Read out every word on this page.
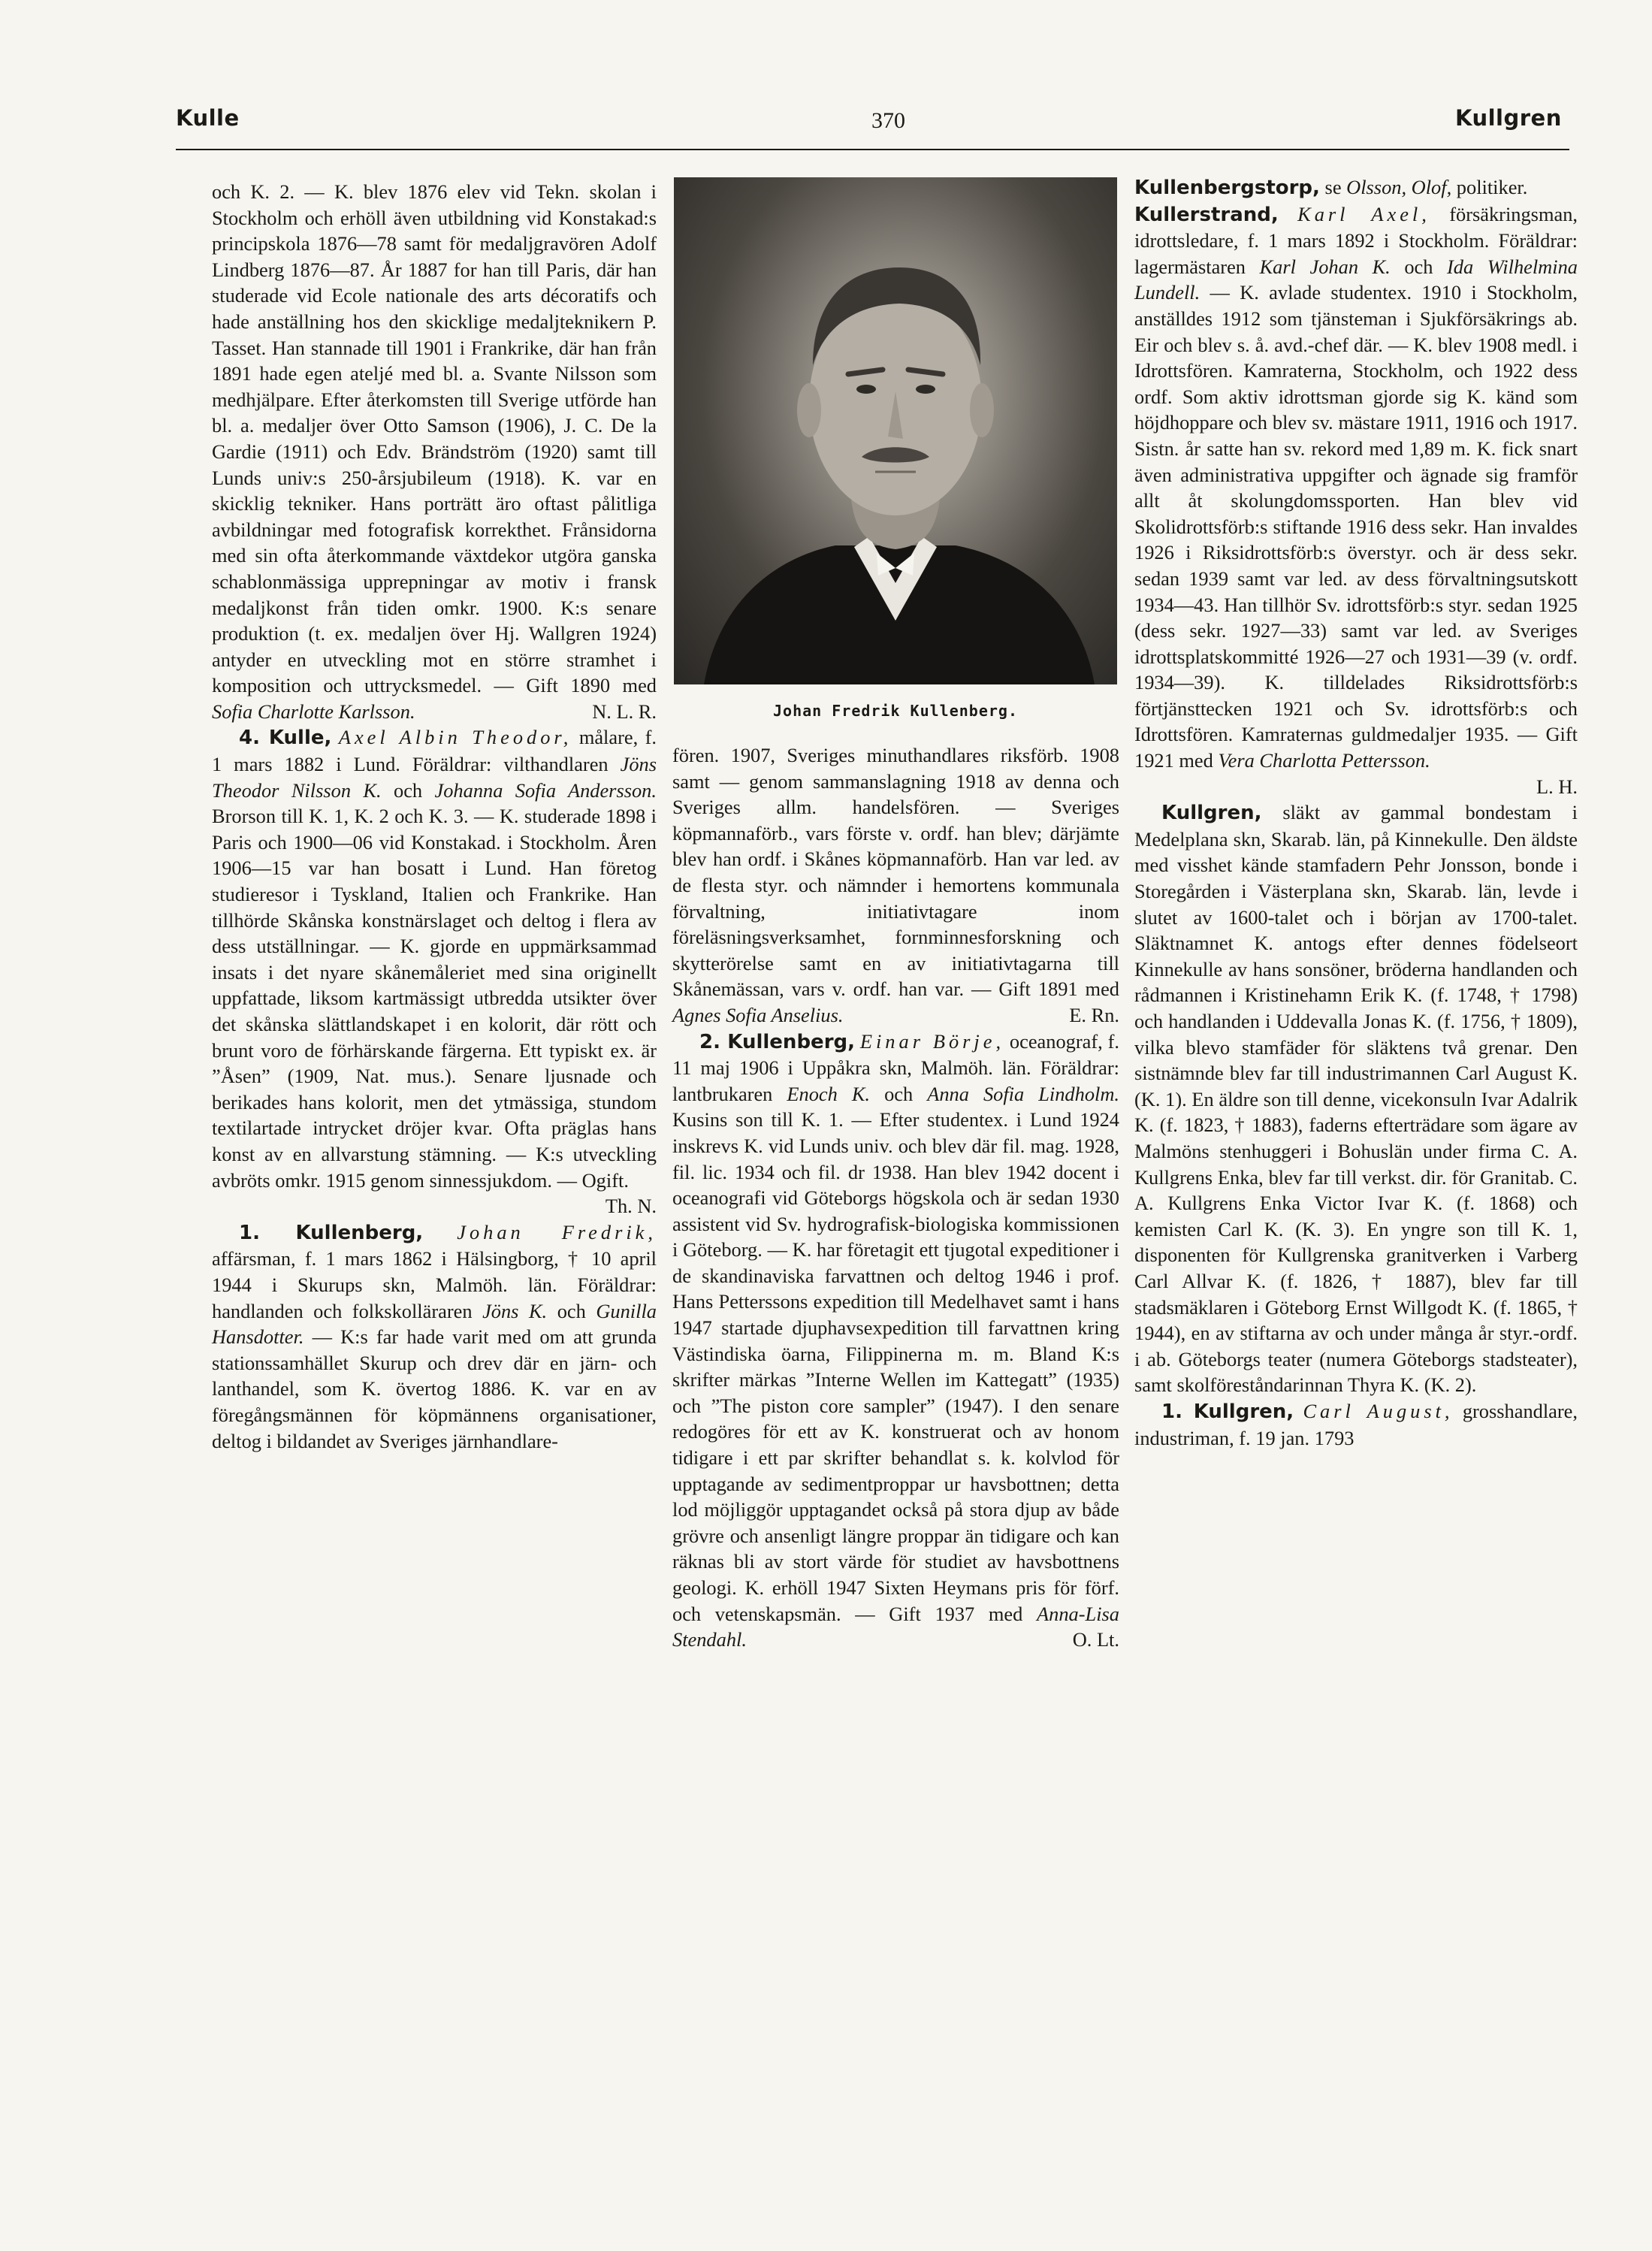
Kulle	370	Kullgren

och K. 2. — K. blev 1876 elev vid Tekn. skolan i Stockholm och erhöll även utbildning vid Konstakad:s principskola 1876—78 samt för medaljgravören Adolf Lindberg 1876—87. År 1887 for han till Paris, där han studerade vid Ecole nationale des arts décoratifs och hade anställning hos den skicklige medaljteknikern P. Tasset. Han stannade till 1901 i Frankrike, där han från 1891 hade egen ateljé med bl. a. Svante Nilsson som medhjälpare. Efter återkomsten till Sverige utförde han bl. a. medaljer över Otto Samson (1906), J. C. De la Gardie (1911) och Edv. Brändström (1920) samt till Lunds univ:s 250-årsjubileum (1918). K. var en skicklig tekniker. Hans porträtt äro oftast pålitliga avbildningar med fotografisk korrekthet. Frånsidorna med sin ofta återkommande växtdekor utgöra ganska schablonmässiga upprepningar av motiv i fransk medaljkonst från tiden omkr. 1900. K:s senare produktion (t. ex. medaljen över Hj. Wallgren 1924) antyder en utveckling mot en större stramhet i komposition och uttrycksmedel. — Gift 1890 med Sofia Charlotte Karlsson.	N. L. R.

4. Kulle, Axel Albin Theodor, målare, f. 1 mars 1882 i Lund. Föräldrar: vilthandlaren Jöns Theodor Nilsson K. och Johanna Sofia Andersson. Brorson till K. 1, K. 2 och K. 3. — K. studerade 1898 i Paris och 1900—06 vid Konstakad. i Stockholm. Åren 1906—15 var han bosatt i Lund. Han företog studieresor i Tyskland, Italien och Frankrike. Han tillhörde Skånska konstnärslaget och deltog i flera av dess utställningar. — K. gjorde en uppmärksammad insats i det nyare skånemåleriet med sina originellt uppfattade, liksom kartmässigt utbredda utsikter över det skånska slättlandskapet i en kolorit, där rött och brunt voro de förhärskande färgerna. Ett typiskt ex. är ”Åsen” (1909, Nat. mus.). Senare ljusnade och berikades hans kolorit, men det ytmässiga, stundom textilartade intrycket dröjer kvar. Ofta präglas hans konst av en allvarstung stämning. — K:s utveckling avbröts omkr. 1915 genom sinnessjukdom. — Ogift.

Th. N.

1. Kullenberg, Johan Fredrik, affärsman, f. 1 mars 1862 i Hälsingborg, † 10 april 1944 i Skurups skn, Malmöh. län. Föräldrar: handlanden och folkskolläraren Jöns K. och Gunilla Hansdotter. — K:s far hade varit med om att grunda stationssamhället Skurup och drev där en järn- och lanthandel, som K. övertog 1886. K. var en av föregångsmännen för köpmännens organisationer, deltog i bildandet av Sveriges järnhandlare-

Johan Fredrik Kullenberg.

fören. 1907, Sveriges minuthandlares riksförb. 1908 samt — genom sammanslagning 1918 av denna och Sveriges allm. handelsfören. — Sveriges köpmannaförb., vars förste v. ordf. han blev; därjämte blev han ordf. i Skånes köpmannaförb. Han var led. av de flesta styr. och nämnder i hemortens kommunala förvaltning, initiativtagare inom föreläsningsverksamhet, fornminnesforskning och skytterörelse samt en av initiativtagarna till Skånemässan, vars v. ordf. han var. — Gift 1891 med Agnes Sofia Anselius.	E. Rn.

2. Kullenberg, Einar Börje, oceanograf, f. 11 maj 1906 i Uppåkra skn, Malmöh. län. Föräldrar: lantbrukaren Enoch K. och Anna Sofia Lindholm. Kusins son till K. 1. — Efter studentex. i Lund 1924 inskrevs K. vid Lunds univ. och blev där fil. mag. 1928, fil. lic. 1934 och fil. dr 1938. Han blev 1942 docent i oceanografi vid Göteborgs högskola och är sedan 1930 assistent vid Sv. hydrografisk-biologiska kommissionen i Göteborg. — K. har företagit ett tjugotal expeditioner i de skandinaviska farvattnen och deltog 1946 i prof. Hans Petterssons expedition till Medelhavet samt i hans 1947 startade djuphavsexpedition till farvattnen kring Västindiska öarna, Filippinerna m. m. Bland K:s skrifter märkas ”Interne Wellen im Kattegatt” (1935) och ”The piston core sampler” (1947). I den senare redogöres för ett av K. konstruerat och av honom tidigare i ett par skrifter behandlat s. k. kolvlod för upptagande av sedimentproppar ur havsbottnen; detta lod möjliggör upptagandet också på stora djup av både grövre och ansenligt längre proppar än tidigare och kan räknas bli av stort värde för studiet av havsbottnens geologi. K. erhöll 1947 Sixten Heymans pris för förf. och vetenskapsmän. — Gift 1937 med Anna-Lisa Stendahl.	O. Lt.

Kullenbergstorp, se Olsson, Olof, politiker.

Kullerstrand, Karl Axel, försäkringsman, idrottsledare, f. 1 mars 1892 i Stockholm. Föräldrar: lagermästaren Karl Johan K. och Ida Wilhelmina Lundell. — K. avlade studentex. 1910 i Stockholm, anställdes 1912 som tjänsteman i Sjukförsäkrings ab. Eir och blev s. å. avd.-chef där. — K. blev 1908 medl. i Idrottsfören. Kamraterna, Stockholm, och 1922 dess ordf. Som aktiv idrottsman gjorde sig K. känd som höjdhoppare och blev sv. mästare 1911, 1916 och 1917. Sistn. år satte han sv. rekord med 1,89 m. K. fick snart även administrativa uppgifter och ägnade sig framför allt åt skolungdomssporten. Han blev vid Skolidrottsförb:s stiftande 1916 dess sekr. Han invaldes 1926 i Riksidrottsförb:s överstyr. och är dess sekr. sedan 1939 samt var led. av dess förvaltningsutskott 1934—43. Han tillhör Sv. idrottsförb:s styr. sedan 1925 (dess sekr. 1927—33) samt var led. av Sveriges idrottsplatskommitté 1926—27 och 1931—39 (v. ordf. 1934—39). K. tilldelades Riksidrottsförb:s förtjänsttecken 1921 och Sv. idrottsförb:s och Idrottsfören. Kamraternas guldmedaljer 1935. — Gift 1921 med Vera Charlotta Pettersson.

L. H.

Kullgren, släkt av gammal bondestam i Medelplana skn, Skarab. län, på Kinnekulle. Den äldste med visshet kände stamfadern Pehr Jonsson, bonde i Storegården i Västerplana skn, Skarab. län, levde i slutet av 1600-talet och i början av 1700-talet. Släktnamnet K. antogs efter dennes födelseort Kinnekulle av hans sonsöner, bröderna handlanden och rådmannen i Kristinehamn Erik K. (f. 1748, † 1798) och handlanden i Uddevalla Jonas K. (f. 1756, † 1809), vilka blevo stamfäder för släktens två grenar. Den sistnämnde blev far till industrimannen Carl August K. (K. 1). En äldre son till denne, vicekonsuln Ivar Adalrik K. (f. 1823, † 1883), faderns efterträdare som ägare av Malmöns stenhuggeri i Bohuslän under firma C. A. Kullgrens Enka, blev far till verkst. dir. för Granitab. C. A. Kullgrens Enka Victor Ivar K. (f. 1868) och kemisten Carl K. (K. 3). En yngre son till K. 1, disponenten för Kullgrenska granitverken i Varberg Carl Allvar K. (f. 1826, † 1887), blev far till stadsmäklaren i Göteborg Ernst Willgodt K. (f. 1865, † 1944), en av stiftarna av och under många år styr.-ordf. i ab. Göteborgs teater (numera Göteborgs stadsteater), samt skolföreståndarinnan Thyra K. (K. 2).

1. Kullgren, Carl August, grosshandlare, industriman, f. 19 jan. 1793
